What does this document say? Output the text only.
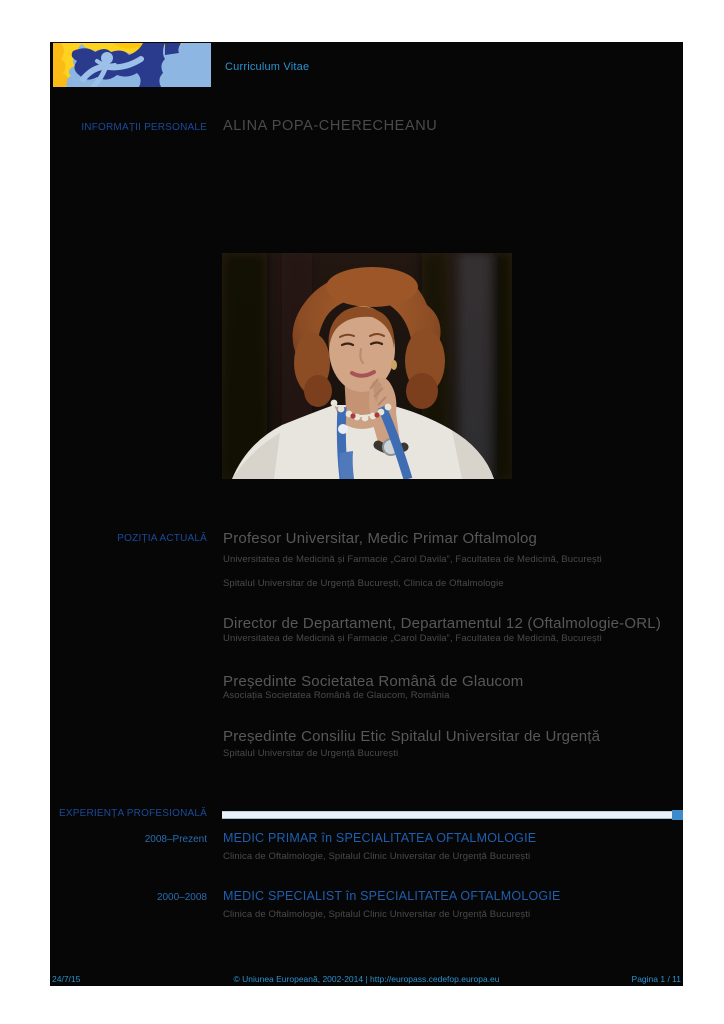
Curriculum Vitae
INFORMAȚII PERSONALE ALINA POPA-CHERECHEANU
POZIȚIA ACTUALĂ Profesor Universitar, Medic Primar Oftalmolog
Universitatea de Medicină și Farmacie „Carol Davila”, Facultatea de Medicină, București
Spitalul Universitar de Urgență București, Clinica de Oftalmologie
Director de Departament, Departamentul 12 (Oftalmologie-ORL)
Universitatea de Medicină și Farmacie „Carol Davila”, Facultatea de Medicină, București
Președinte Societatea Română de Glaucom
Asociația Societatea Română de Glaucom, România
Președinte Consiliu Etic Spitalul Universitar de Urgență
Spitalul Universitar de Urgență București
EXPERIENȚA PROFESIONALĂ
2008–Prezent MEDIC PRIMAR în SPECIALITATEA OFTALMOLOGIE
Clinica de Oftalmologie, Spitalul Clinic Universitar de Urgență București
2000–2008 MEDIC SPECIALIST în SPECIALITATEA OFTALMOLOGIE
Clinica de Oftalmologie, Spitalul Clinic Universitar de Urgență București
24/7/15	© Uniunea Europeană, 2002-2014 | http://europass.cedefop.europa.eu	Pagina 1 / 11
